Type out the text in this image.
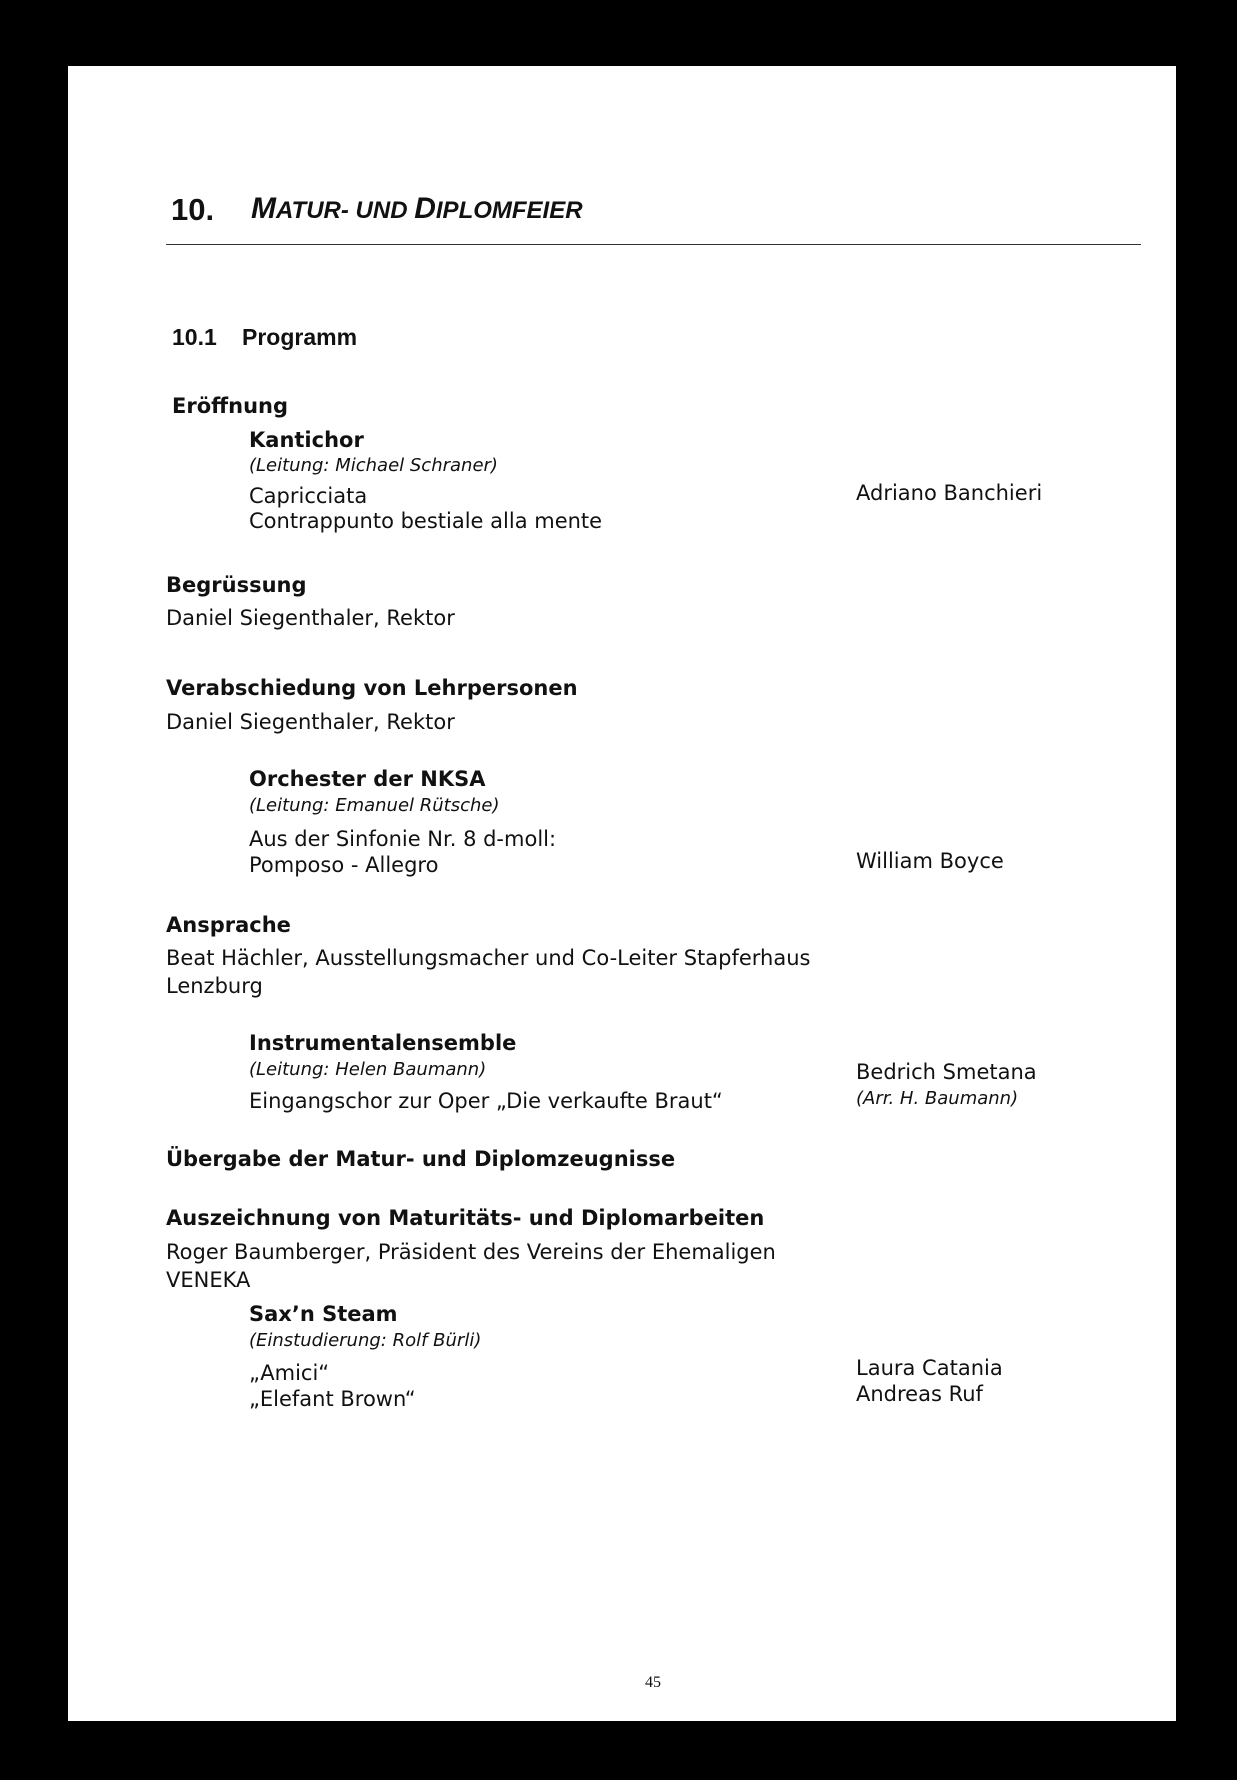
10. MATUR- UND DIPLOMFEIER
10.1 Programm
Eröffnung
Kantichor
(Leitung: Michael Schraner)
Capricciata
Contrappunto bestiale alla mente
Adriano Banchieri
Begrüssung
Daniel Siegenthaler, Rektor
Verabschiedung von Lehrpersonen
Daniel Siegenthaler, Rektor
Orchester der NKSA
(Leitung: Emanuel Rütsche)
Aus der Sinfonie Nr. 8 d-moll:
Pomposo - Allegro	William Boyce
Ansprache
Beat Hächler, Ausstellungsmacher und Co-Leiter Stapferhaus
Lenzburg
Instrumentalensemble
(Leitung: Helen Baumann)
Eingangschor zur Oper „Die verkaufte Braut“
Bedrich Smetana
(Arr. H. Baumann)
Übergabe der Matur- und Diplomzeugnisse
Auszeichnung von Maturitäts- und Diplomarbeiten
Roger Baumberger, Präsident des Vereins der Ehemaligen
VENEKA
Sax’n Steam
(Einstudierung: Rolf Bürli)
„Amici“
„Elefant Brown“
Laura Catania
Andreas Ruf
45
